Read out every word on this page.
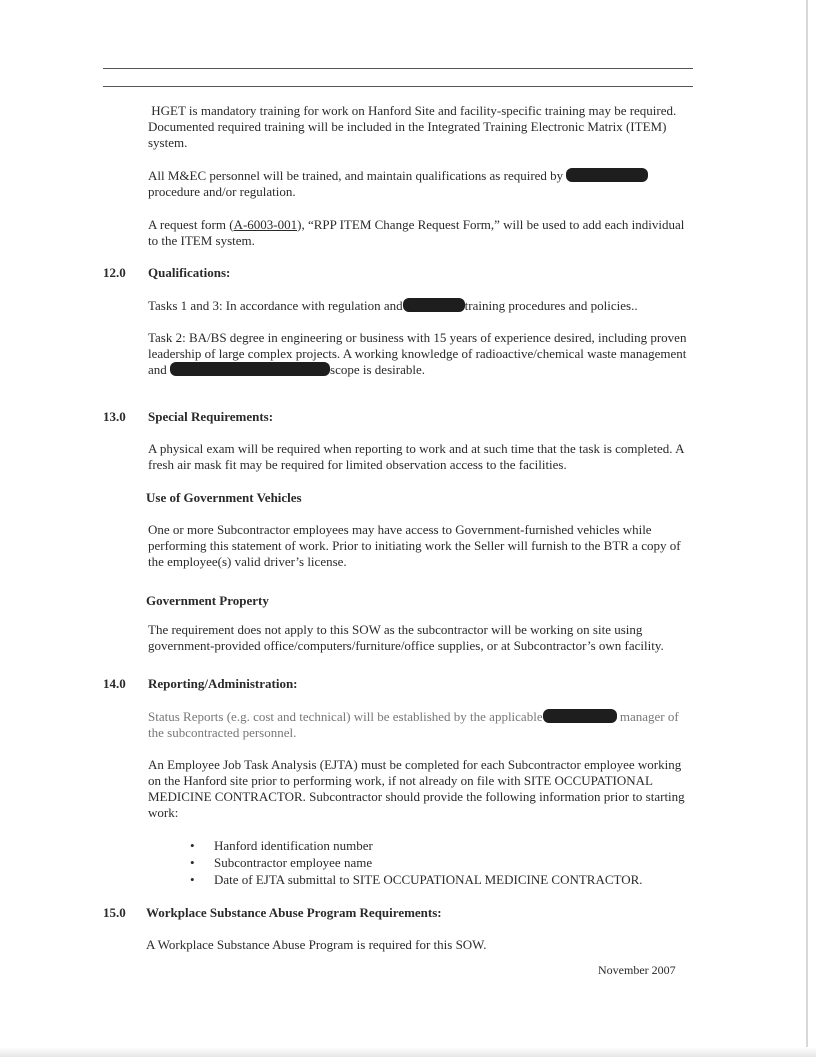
HGET is mandatory training for work on Hanford Site and facility-specific training may be required. Documented required training will be included in the Integrated Training Electronic Matrix (ITEM) system.
All M&EC personnel will be trained, and maintain qualifications as required by  procedure and/or regulation.
A request form (A-6003-001), “RPP ITEM Change Request Form,” will be used to add each individual to the ITEM system.
12.0 Qualifications:
Tasks 1 and 3: In accordance with regulation and	training procedures and policies..
Task 2: BA/BS degree in engineering or business with 15 years of experience desired, including proven leadership of large complex projects. A working knowledge of radioactive/chemical waste management and	scope is desirable.
13.0 Special Requirements:
A physical exam will be required when reporting to work and at such time that the task is completed. A fresh air mask fit may be required for limited observation access to the facilities.
Use of Government Vehicles
One or more Subcontractor employees may have access to Government-furnished vehicles while performing this statement of work. Prior to initiating work the Seller will furnish to the BTR a copy of the employee(s) valid driver’s license.
Government Property
The requirement does not apply to this SOW as the subcontractor will be working on site using government-provided office/computers/furniture/office supplies, or at Subcontractor’s own facility.
14.0 Reporting/Administration:
Status Reports (e.g. cost and technical) will be established by the applicable	manager of the subcontracted personnel.
An Employee Job Task Analysis (EJTA) must be completed for each Subcontractor employee working on the Hanford site prior to performing work, if not already on file with SITE OCCUPATIONAL MEDICINE CONTRACTOR. Subcontractor should provide the following information prior to starting work:
• Hanford identification number
• Subcontractor employee name
• Date of EJTA submittal to SITE OCCUPATIONAL MEDICINE CONTRACTOR.
15.0 Workplace Substance Abuse Program Requirements:
A Workplace Substance Abuse Program is required for this SOW.
November 2007
